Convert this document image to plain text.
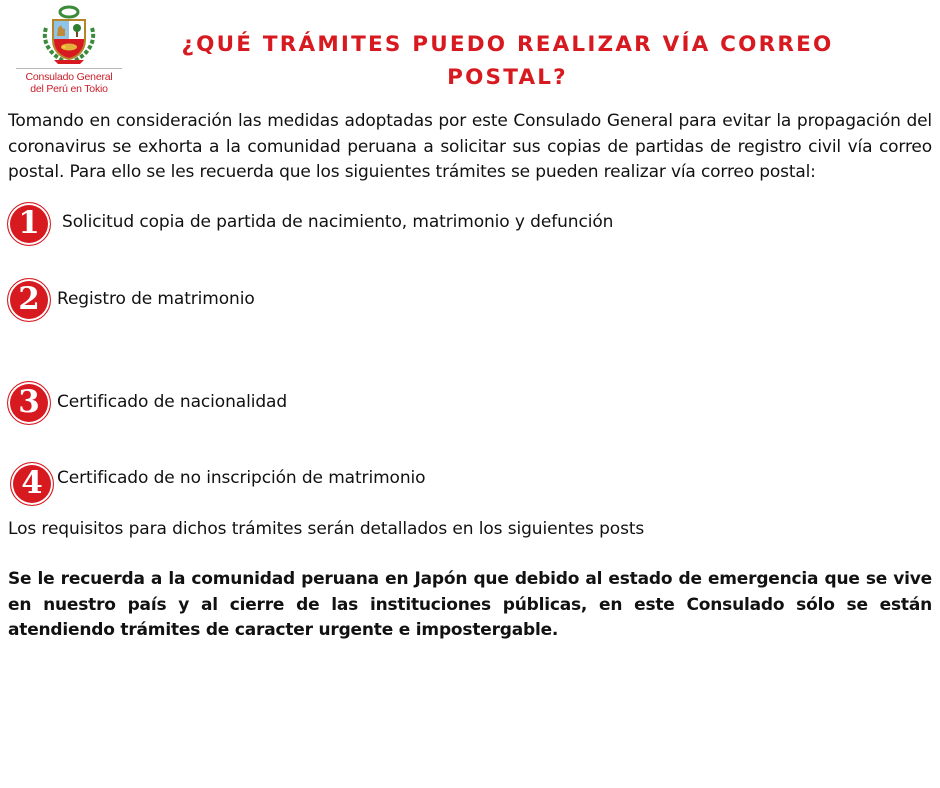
Consulado General
del Perú en Tokio
¿QUÉ TRÁMITES PUEDO REALIZAR VÍA CORREO POSTAL?

Tomando en consideración las medidas adoptadas por este Consulado General para evitar la propagación del coronavirus se exhorta a la comunidad peruana a solicitar sus copias de partidas de registro civil vía correo postal. Para ello se les recuerda que los siguientes trámites se pueden realizar vía correo postal:

1	Solicitud copia de partida de nacimiento, matrimonio y defunción
2	Registro de matrimonio
3	Certificado de nacionalidad
4 Certificado de no inscripción de matrimonio

Los requisitos para dichos trámites serán detallados en los siguientes posts

Se le recuerda a la comunidad peruana en Japón que debido al estado de emergencia que se vive en nuestro país y al cierre de las instituciones públicas, en este Consulado sólo se están atendiendo trámites de caracter urgente e impostergable.
